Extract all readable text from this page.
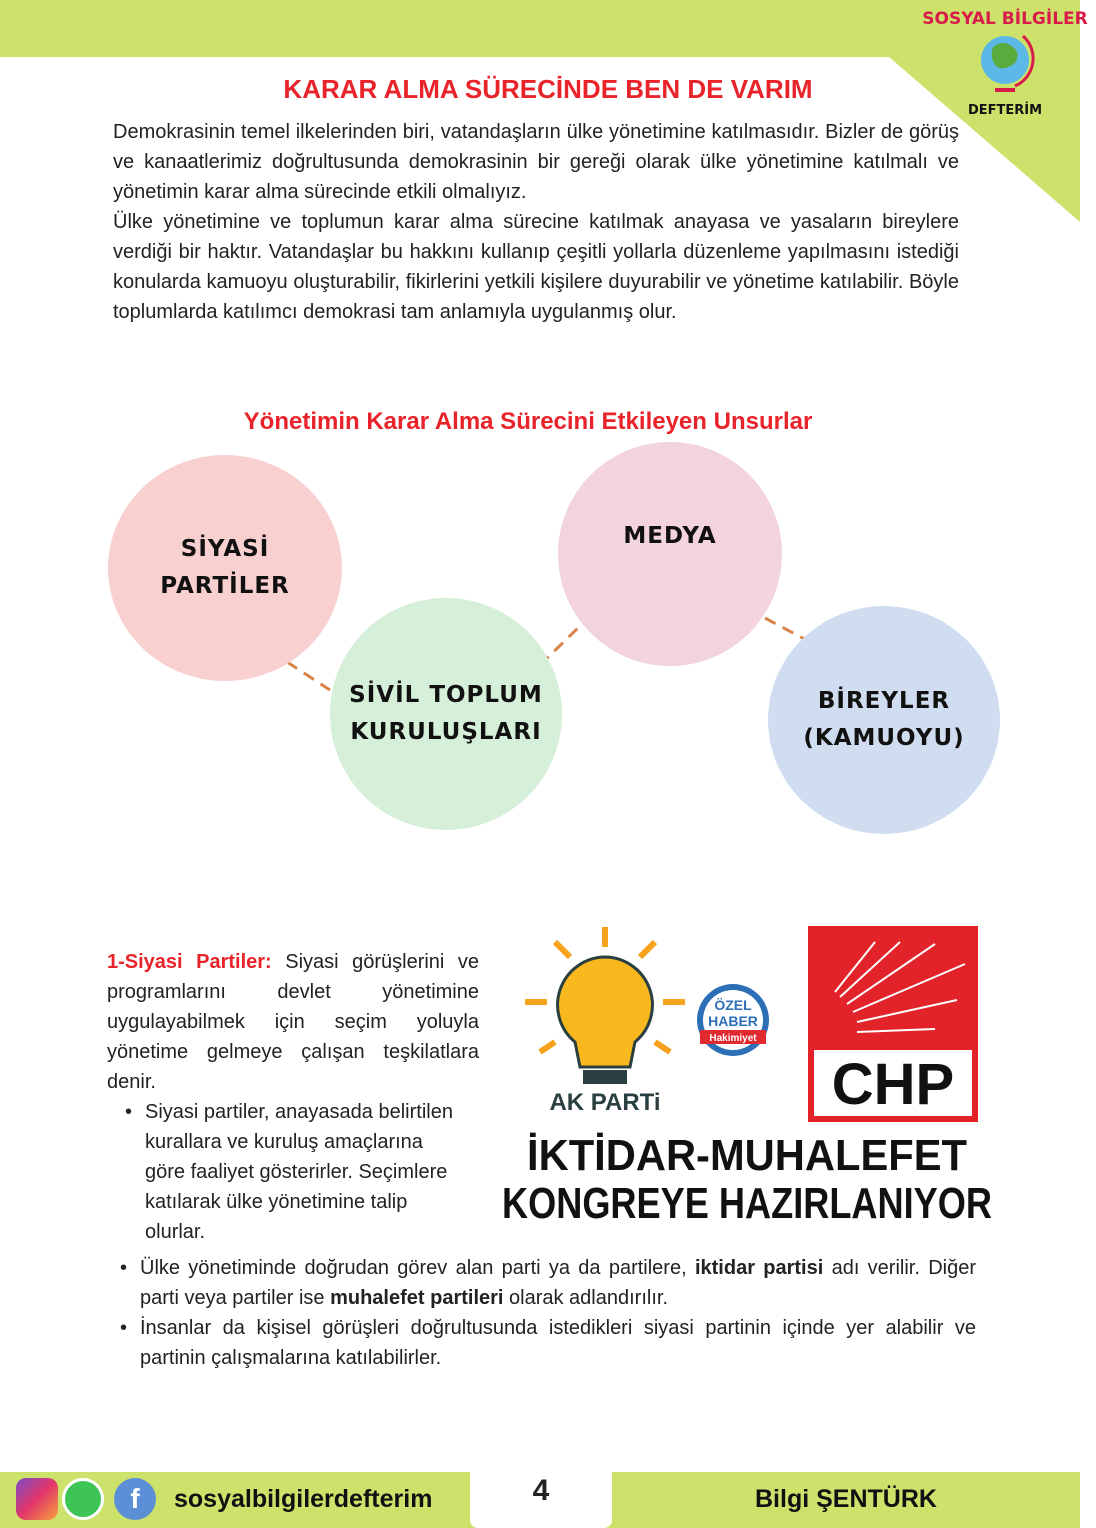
SOSYAL BİLGİLER
DEFTERİM
KARAR ALMA SÜRECİNDE BEN DE VARIM

Demokrasinin temel ilkelerinden biri, vatandaşların ülke yönetimine katılmasıdır. Bizler de görüş ve kanaatlerimiz doğrultusunda demokrasinin bir gereği olarak ülke yönetimine katılmalı ve yönetimin karar alma sürecinde etkili olmalıyız.

Ülke yönetimine ve toplumun karar alma sürecine katılmak anayasa ve yasaların bireylere verdiği bir haktır. Vatandaşlar bu hakkını kullanıp çeşitli yollarla düzenleme yapılmasını istediği konularda kamuoyu oluşturabilir, fikirlerini yetkili kişilere duyurabilir ve yönetime katılabilir. Böyle toplumlarda katılımcı demokrasi tam anlamıyla uygulanmış olur.

Yönetimin Karar Alma Sürecini Etkileyen Unsurlar
SİYASİ PARTİLER
SİVİL TOPLUM KURULUŞLARI
MEDYA
BİREYLER (KAMUOYU)

1-Siyasi Partiler: Siyasi görüşlerini ve programlarını devlet yönetimine uygulayabilmek için seçim yoluyla yönetime gelmeye çalışan teşkilatlara denir.

• Siyasi partiler, anayasada belirtilen kurallara ve kuruluş amaçlarına göre faaliyet gösterirler. Seçimlere katılarak ülke yönetimine talip olurlar.
AK PARTi
ÖZEL
HABER
Hakimiyet
CHP
İKTİDAR-MUHALEFET
KONGREYE HAZIRLANIYOR
• Ülke yönetiminde doğrudan görev alan parti ya da partilere, iktidar partisi adı verilir. Diğer parti veya partiler ise muhalefet partileri olarak adlandırılır.
• İnsanlar da kişisel görüşleri doğrultusunda istedikleri siyasi partinin içinde yer alabilir ve partinin çalışmalarına katılabilirler.
f	sosyalbilgilerdefterim	4	Bilgi ŞENTÜRK
